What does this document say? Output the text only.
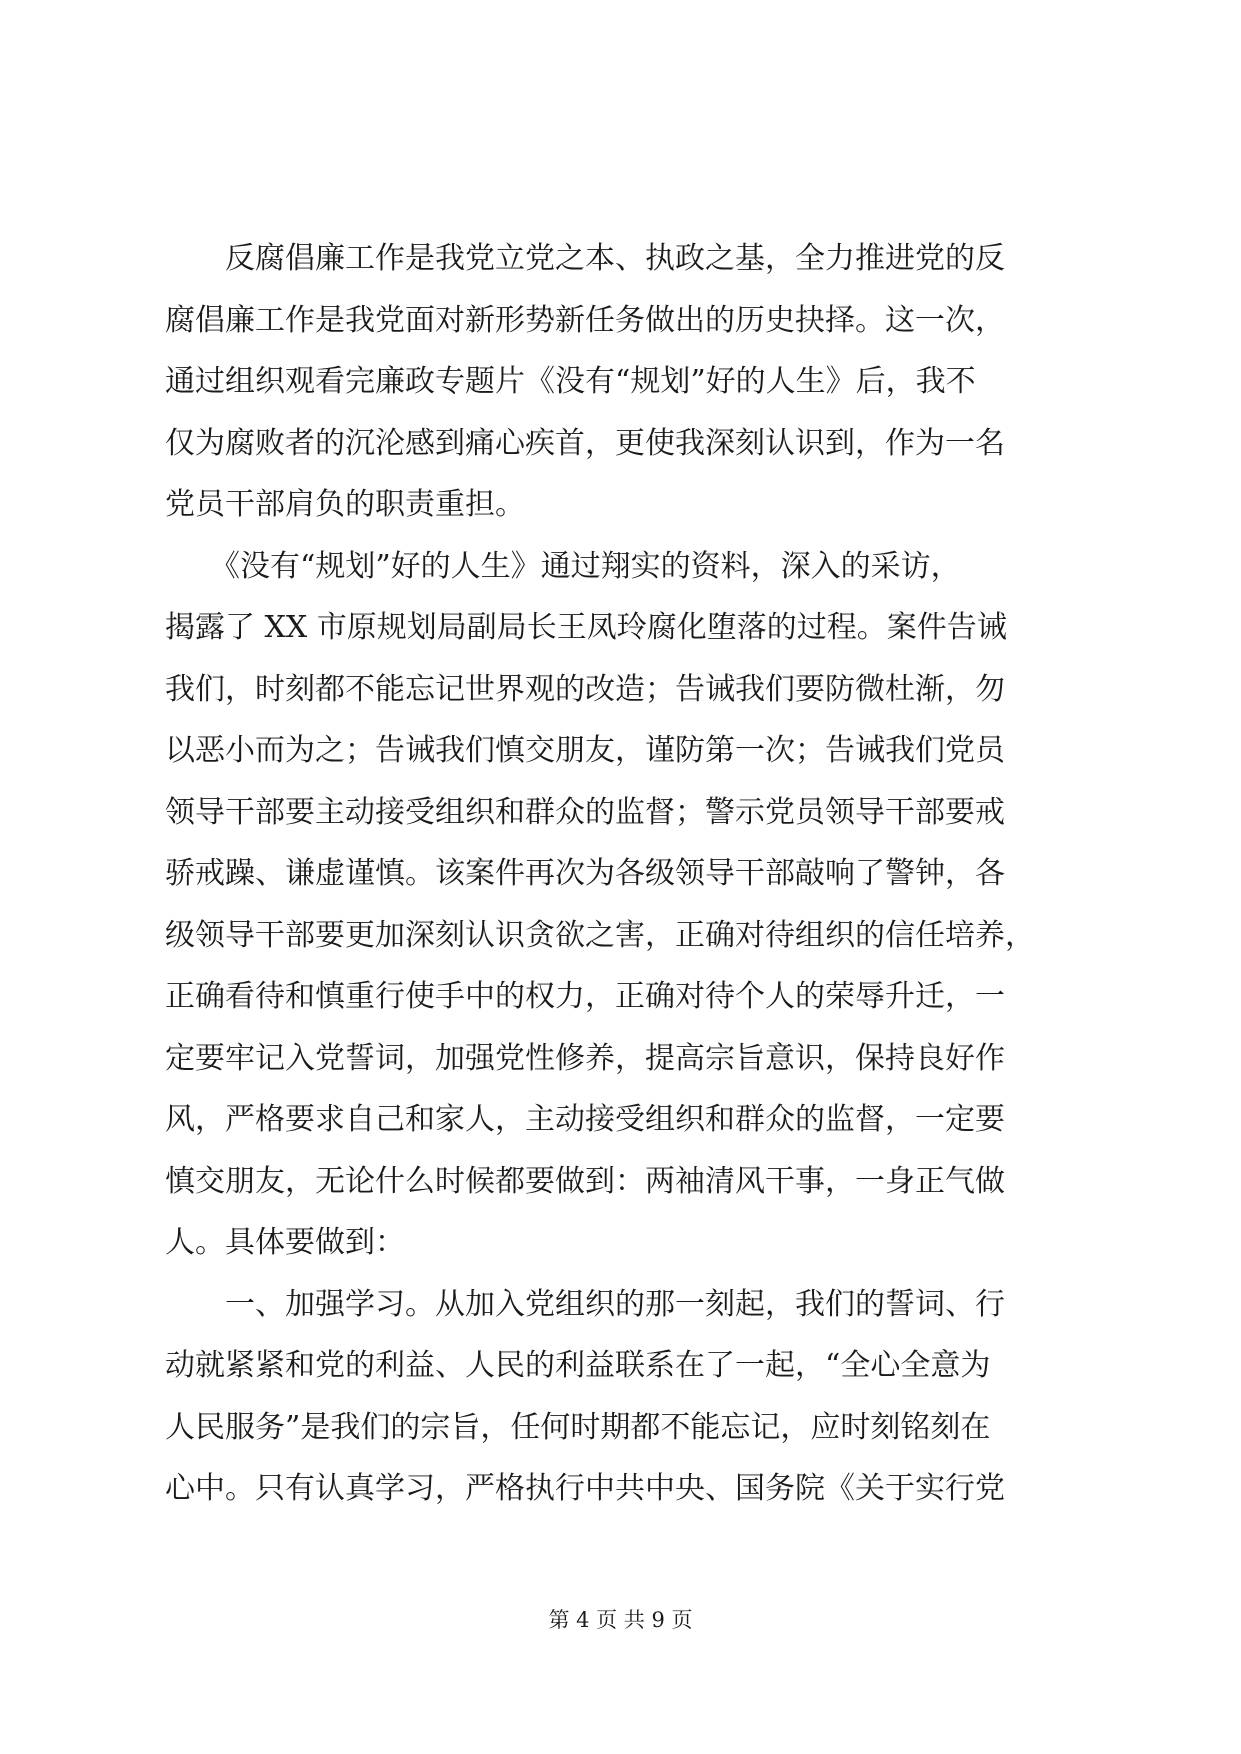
　　反腐倡廉工作是我党立党之本、执政之基，全力推进党的反
腐倡廉工作是我党面对新形势新任务做出的历史抉择。这一次，
通过组织观看完廉政专题片《没有“规划”好的人生》后，我不
仅为腐败者的沉沦感到痛心疾首，更使我深刻认识到，作为一名
党员干部肩负的职责重担。
　　《没有“规划”好的人生》通过翔实的资料，深入的采访，
揭露了 XX 市原规划局副局长王凤玲腐化堕落的过程。案件告诫
我们，时刻都不能忘记世界观的改造；告诫我们要防微杜渐，勿
以恶小而为之；告诫我们慎交朋友，谨防第一次；告诫我们党员
领导干部要主动接受组织和群众的监督；警示党员领导干部要戒
骄戒躁、谦虚谨慎。该案件再次为各级领导干部敲响了警钟，各
级领导干部要更加深刻认识贪欲之害，正确对待组织的信任培养，
正确看待和慎重行使手中的权力，正确对待个人的荣辱升迁，一
定要牢记入党誓词，加强党性修养，提高宗旨意识，保持良好作
风，严格要求自己和家人，主动接受组织和群众的监督，一定要
慎交朋友，无论什么时候都要做到：两袖清风干事，一身正气做
人。具体要做到：
　　一、加强学习。从加入党组织的那一刻起，我们的誓词、行
动就紧紧和党的利益、人民的利益联系在了一起，“全心全意为
人民服务”是我们的宗旨，任何时期都不能忘记，应时刻铭刻在
心中。只有认真学习，严格执行中共中央、国务院《关于实行党
第 4 页 共 9 页
